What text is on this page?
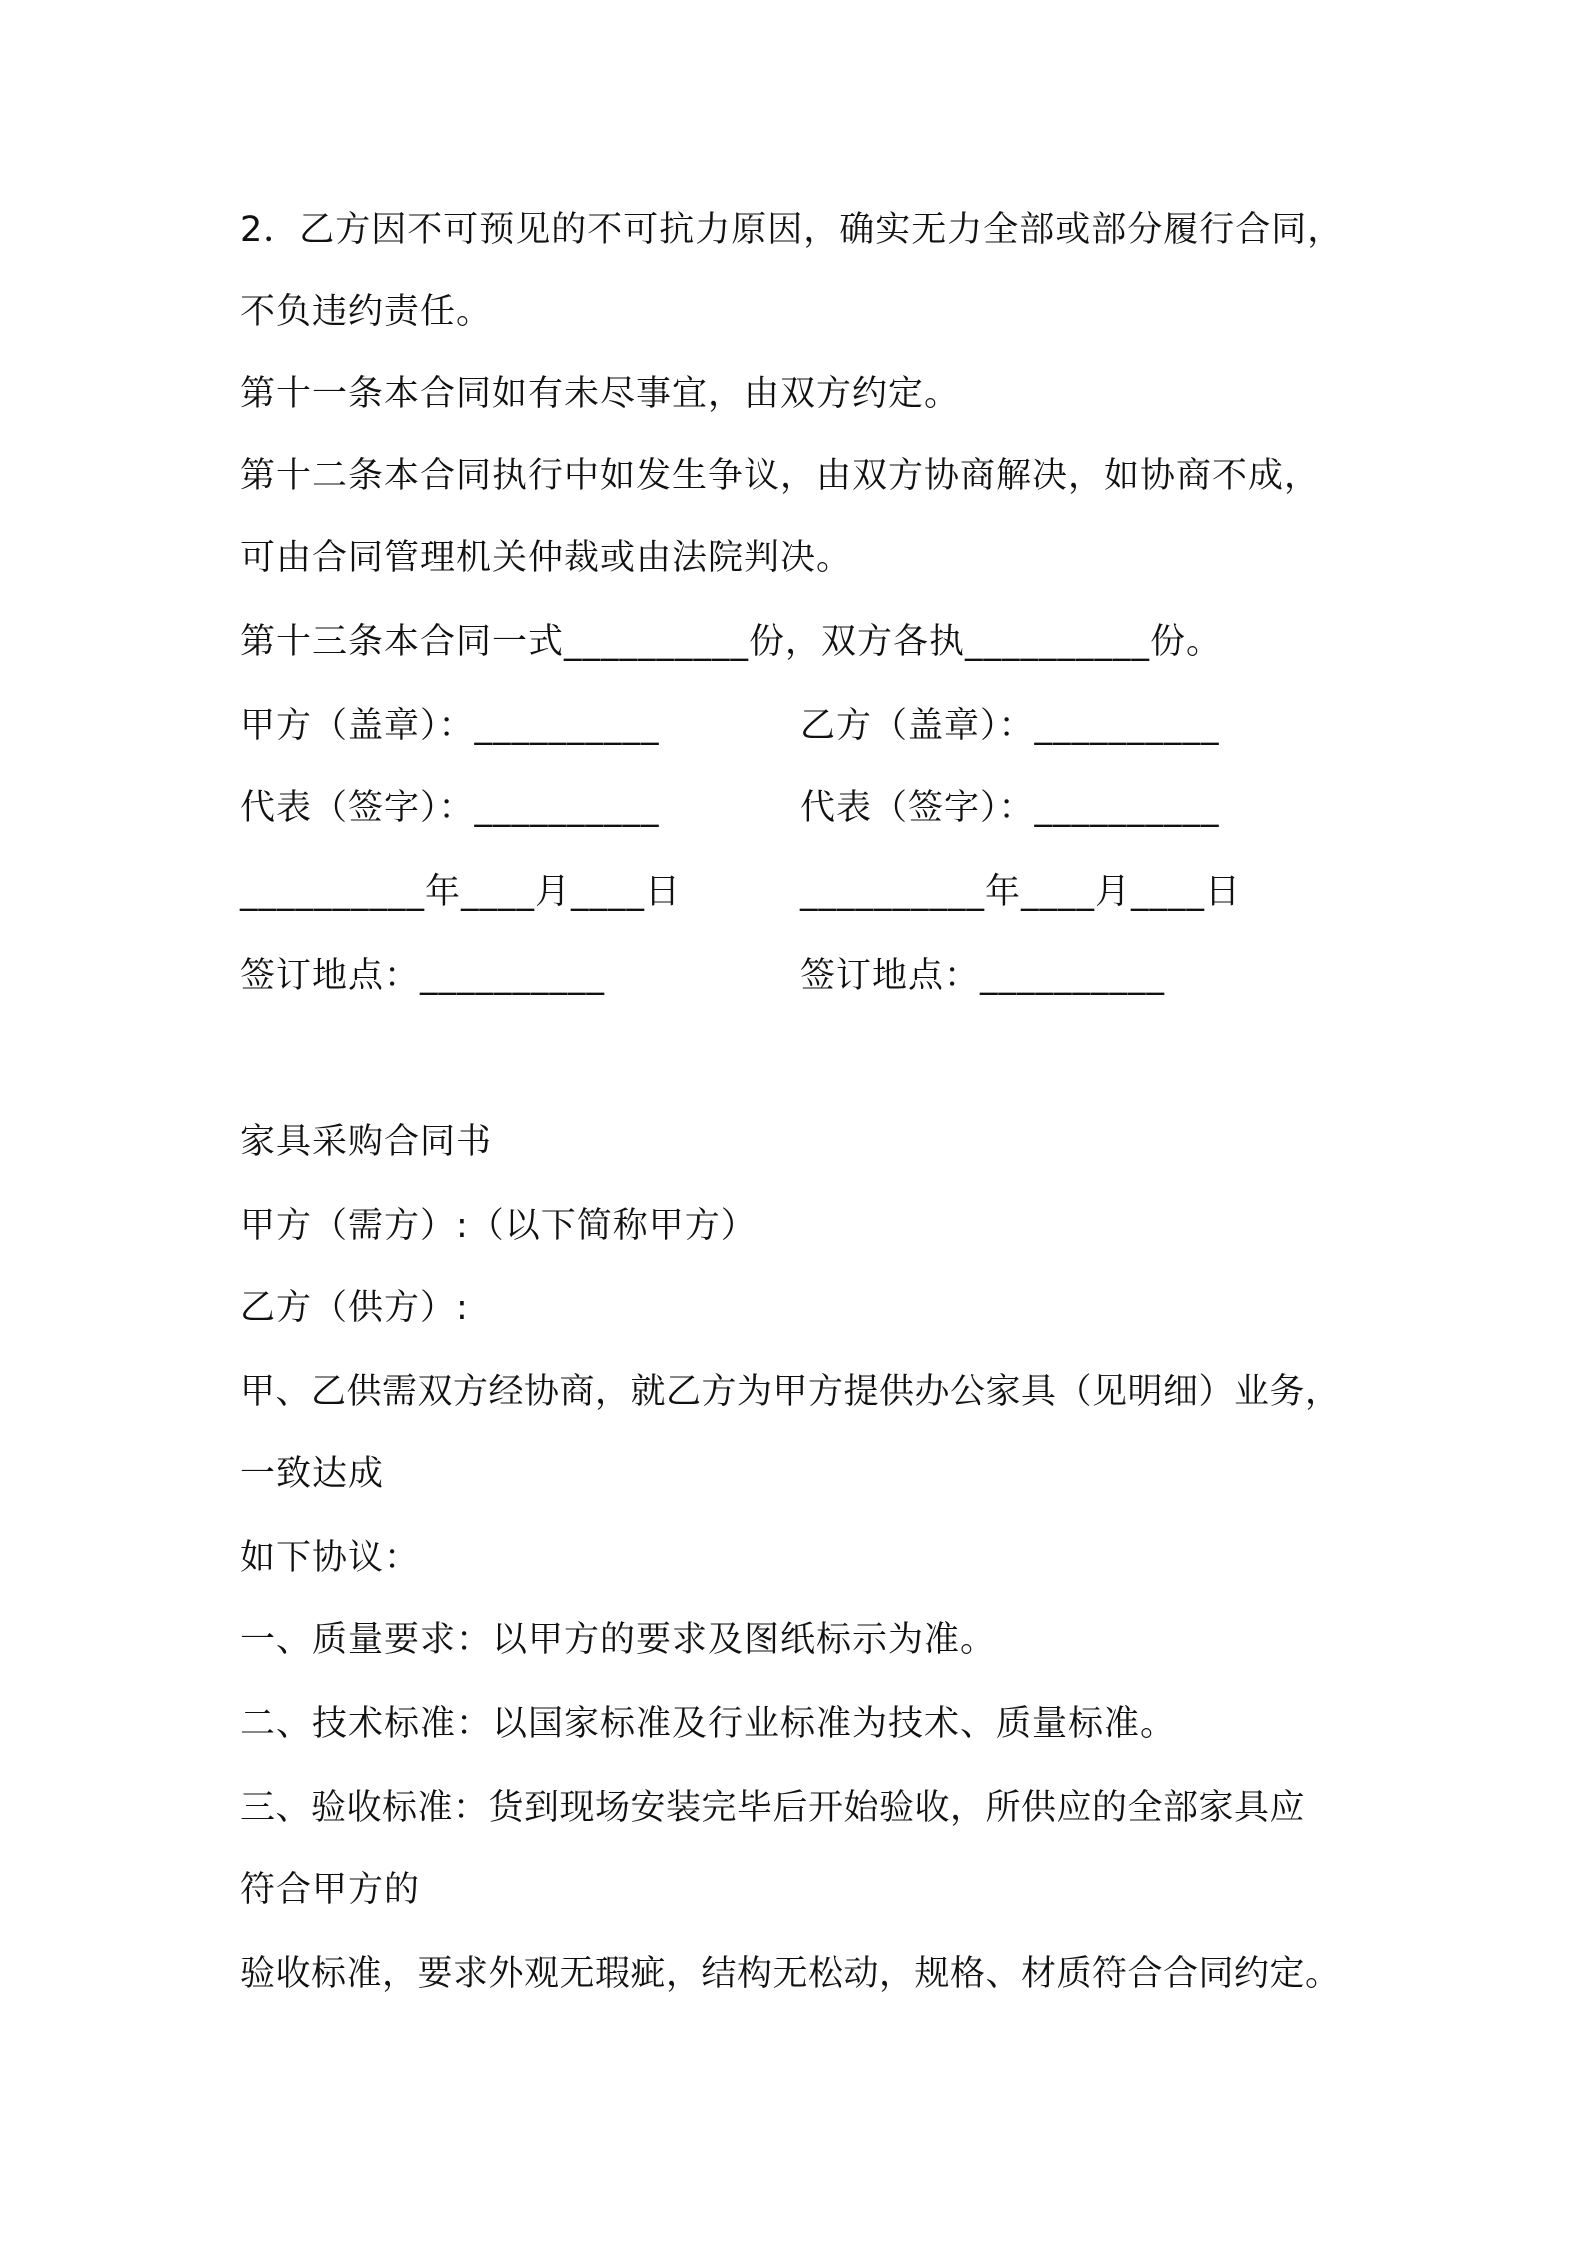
2．乙方因不可预见的不可抗力原因，确实无力全部或部分履行合同，
不负违约责任。
第十一条本合同如有未尽事宜，由双方约定。
第十二条本合同执行中如发生争议，由双方协商解决，如协商不成，
可由合同管理机关仲裁或由法院判决。
第十三条本合同一式__________份，双方各执__________份。
甲方（盖章）：__________	乙方（盖章）：__________
代表（签字）：__________	代表（签字）：__________
__________年____月____日	__________年____月____日
签订地点：__________	签订地点：__________
家具采购合同书
甲方（需方）:（以下简称甲方）
乙方（供方）:
甲、乙供需双方经协商，就乙方为甲方提供办公家具（见明细）业务，
一致达成
如下协议：
一、质量要求：以甲方的要求及图纸标示为准。
二、技术标准：以国家标准及行业标准为技术、质量标准。
三、验收标准：货到现场安装完毕后开始验收，所供应的全部家具应
符合甲方的
验收标准，要求外观无瑕疵，结构无松动，规格、材质符合合同约定。
